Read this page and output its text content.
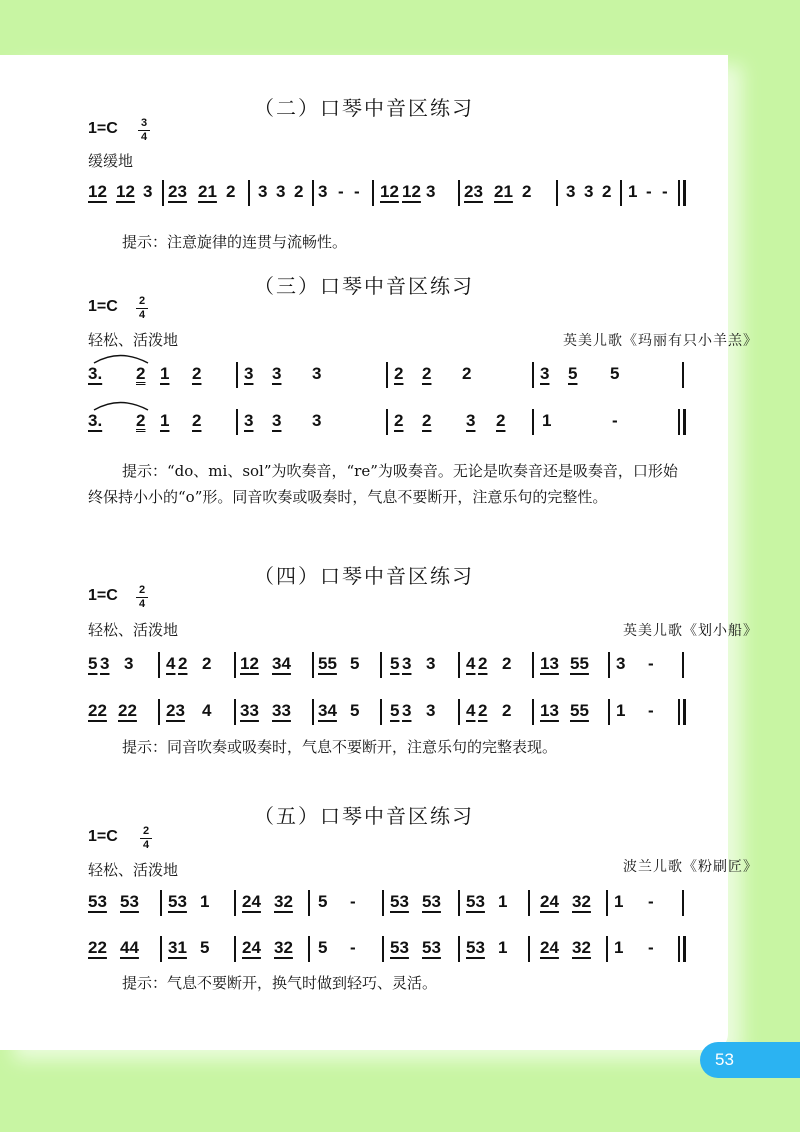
（二）口琴中音区练习
$1=C \frac{3}{4}$
缓缓地
12 12 3 23 21 2 3 3 2 3 - - 12 12 3 23 21 2 3 3 2 1 - -
提示：注意旋律的连贯与流畅性。
（三）口琴中音区练习
$1=C \frac{2}{4}$
轻松、活泼地	英美儿歌《玛丽有只小羊羔》
3. 2 1 2	3 3 3	2 2 2	3 5 5
3. 2 1 2	3 3 3	2 2 3 2 1	-
提示：“do、mi、sol”为吹奏音，“re”为吸奏音。无论是吹奏音还是吸奏音，口形始终保持小小的“o”形。同音吹奏或吸奏时，气息不要断开，注意乐句的完整性。
（四）口琴中音区练习
$1=C \frac{2}{4}$
轻松、活泼地	英美儿歌《划小船》
5 3 3 4 2 2 12 34 55 5 5 3 3 4 2 2 13 55 3 -
22 22 23 4 33 33 34 5 5 3 3 4 2 2 13 55 1 -
提示：同音吹奏或吸奏时，气息不要断开，注意乐句的完整表现。
（五）口琴中音区练习
$1=C \frac{2}{4}$
轻松、活泼地	波兰儿歌《粉刷匠》
53 53 53 1 24 32 5 - 53 53 53 1 24 32 1 -
22 44 31 5 24 32 5 - 53 53 53 1 24 32 1 -
提示：气息不要断开，换气时做到轻巧、灵活。
53
